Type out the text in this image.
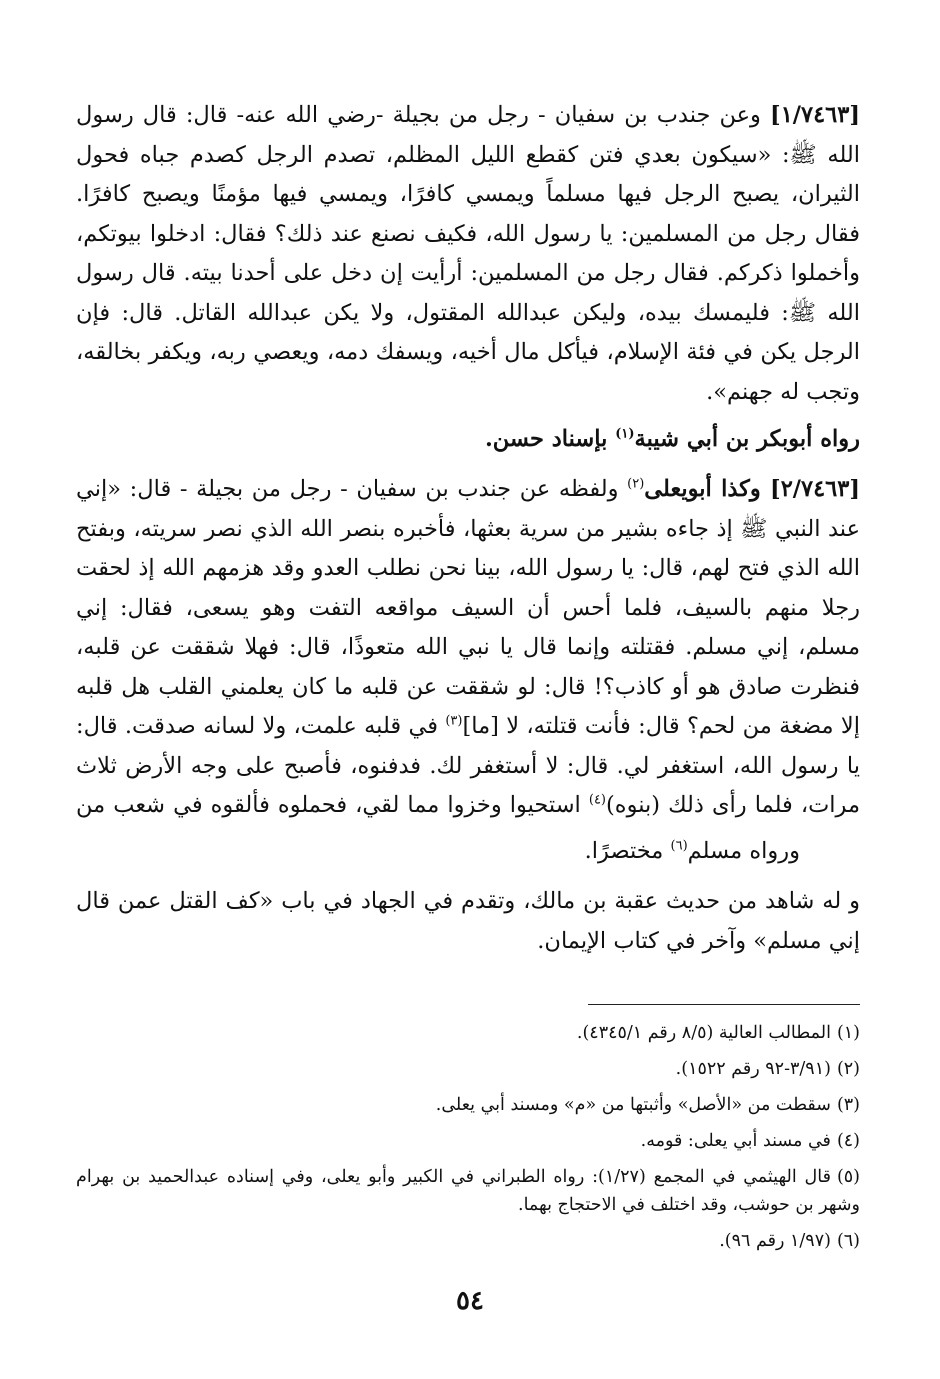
[١/٧٤٦٣] وعن جندب بن سفيان - رجل من بجيلة -رضي الله عنه- قال: قال رسول الله ﷺ: «سيكون بعدي فتن كقطع الليل المظلم، تصدم الرجل كصدم جباه فحول الثيران، يصبح الرجل فيها مسلماً ويمسي كافرًا، ويمسي فيها مؤمنًا ويصبح كافرًا. فقال رجل من المسلمين: يا رسول الله، فكيف نصنع عند ذلك؟ فقال: ادخلوا بيوتكم، وأخملوا ذكركم. فقال رجل من المسلمين: أرأيت إن دخل على أحدنا بيته. قال رسول الله ﷺ: فليمسك بيده، وليكن عبدالله المقتول، ولا يكن عبدالله القاتل. قال: فإن الرجل يكن في فئة الإسلام، فيأكل مال أخيه، ويسفك دمه، ويعصي ربه، ويكفر بخالقه، وتجب له جهنم».

رواه أبوبكر بن أبي شيبة$^{(١)}$ بإسناد حسن.

[٢/٧٤٦٣] وكذا أبويعلى$^{(٢)}$ ولفظه عن جندب بن سفيان - رجل من بجيلة - قال: «إني عند النبي ﷺ إذ جاءه بشير من سرية بعثها، فأخبره بنصر الله الذي نصر سريته، وبفتح الله الذي فتح لهم، قال: يا رسول الله، بينا نحن نطلب العدو وقد هزمهم الله إذ لحقت رجلا منهم بالسيف، فلما أحس أن السيف مواقعه التفت وهو يسعى، فقال: إني مسلم، إني مسلم. فقتلته وإنما قال يا نبي الله متعوذًا، قال: فهلا شققت عن قلبه، فنظرت صادق هو أو كاذب؟! قال: لو شققت عن قلبه ما كان يعلمني القلب هل قلبه إلا مضغة من لحم؟ قال: فأنت قتلته، لا [ما]$^{(٣)}$ في قلبه علمت، ولا لسانه صدقت. قال: يا رسول الله، استغفر لي. قال: لا أستغفر لك. فدفنوه، فأصبح على وجه الأرض ثلاث مرات، فلما رأى ذلك (بنوه)$^{(٤)}$ استحيوا وخزوا مما لقي، فحملوه فألقوه في شعب من

ورواه مسلم$^{(٦)}$ مختصرًا.

و له شاهد من حديث عقبة بن مالك، وتقدم في الجهاد في باب «كف القتل عمن قال إني مسلم» وآخر في كتاب الإيمان.

(١)المطالب العالية (٨/٥ رقم ٤٣٤٥/١).
(٢)(٣/٩١-٩٢ رقم ١٥٢٢).
(٣)سقطت من «الأصل» وأثبتها من «م» ومسند أبي يعلى.
(٤)في مسند أبي يعلى: قومه.
(٥)قال الهيثمي في المجمع (١/٢٧): رواه الطبراني في الكبير وأبو يعلى، وفي إسناده عبدالحميد بن بهرام وشهر بن حوشب، وقد اختلف في الاحتجاج بهما.
(٦)(١/٩٧ رقم ٩٦).
٥٤
